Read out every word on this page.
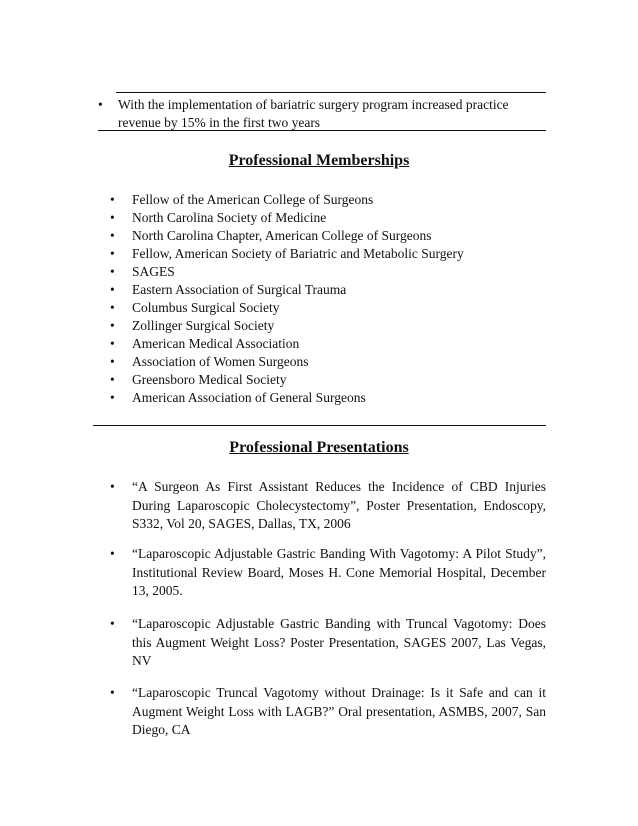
•	With the implementation of bariatric surgery program increased practice revenue by 15% in the first two years
Professional Memberships
•	Fellow of the American College of Surgeons
•	North Carolina Society of Medicine
•	North Carolina Chapter, American College of Surgeons
•	Fellow, American Society of Bariatric and Metabolic Surgery
•	SAGES
•	Eastern Association of Surgical Trauma
•	Columbus Surgical Society
•	Zollinger Surgical Society
•	American Medical Association
•	Association of Women Surgeons
•	Greensboro Medical Society
•	American Association of General Surgeons
Professional Presentations
•	“A Surgeon As First Assistant Reduces the Incidence of CBD Injuries During Laparoscopic Cholecystectomy”, Poster Presentation, Endoscopy, S332, Vol 20, SAGES, Dallas, TX, 2006
•	“Laparoscopic Adjustable Gastric Banding With Vagotomy: A Pilot Study”, Institutional Review Board, Moses H. Cone Memorial Hospital, December 13, 2005.
•	“Laparoscopic Adjustable Gastric Banding with Truncal Vagotomy: Does this Augment Weight Loss? Poster Presentation, SAGES 2007, Las Vegas, NV
•	“Laparoscopic Truncal Vagotomy without Drainage: Is it Safe and can it Augment Weight Loss with LAGB?” Oral presentation, ASMBS, 2007, San Diego, CA
